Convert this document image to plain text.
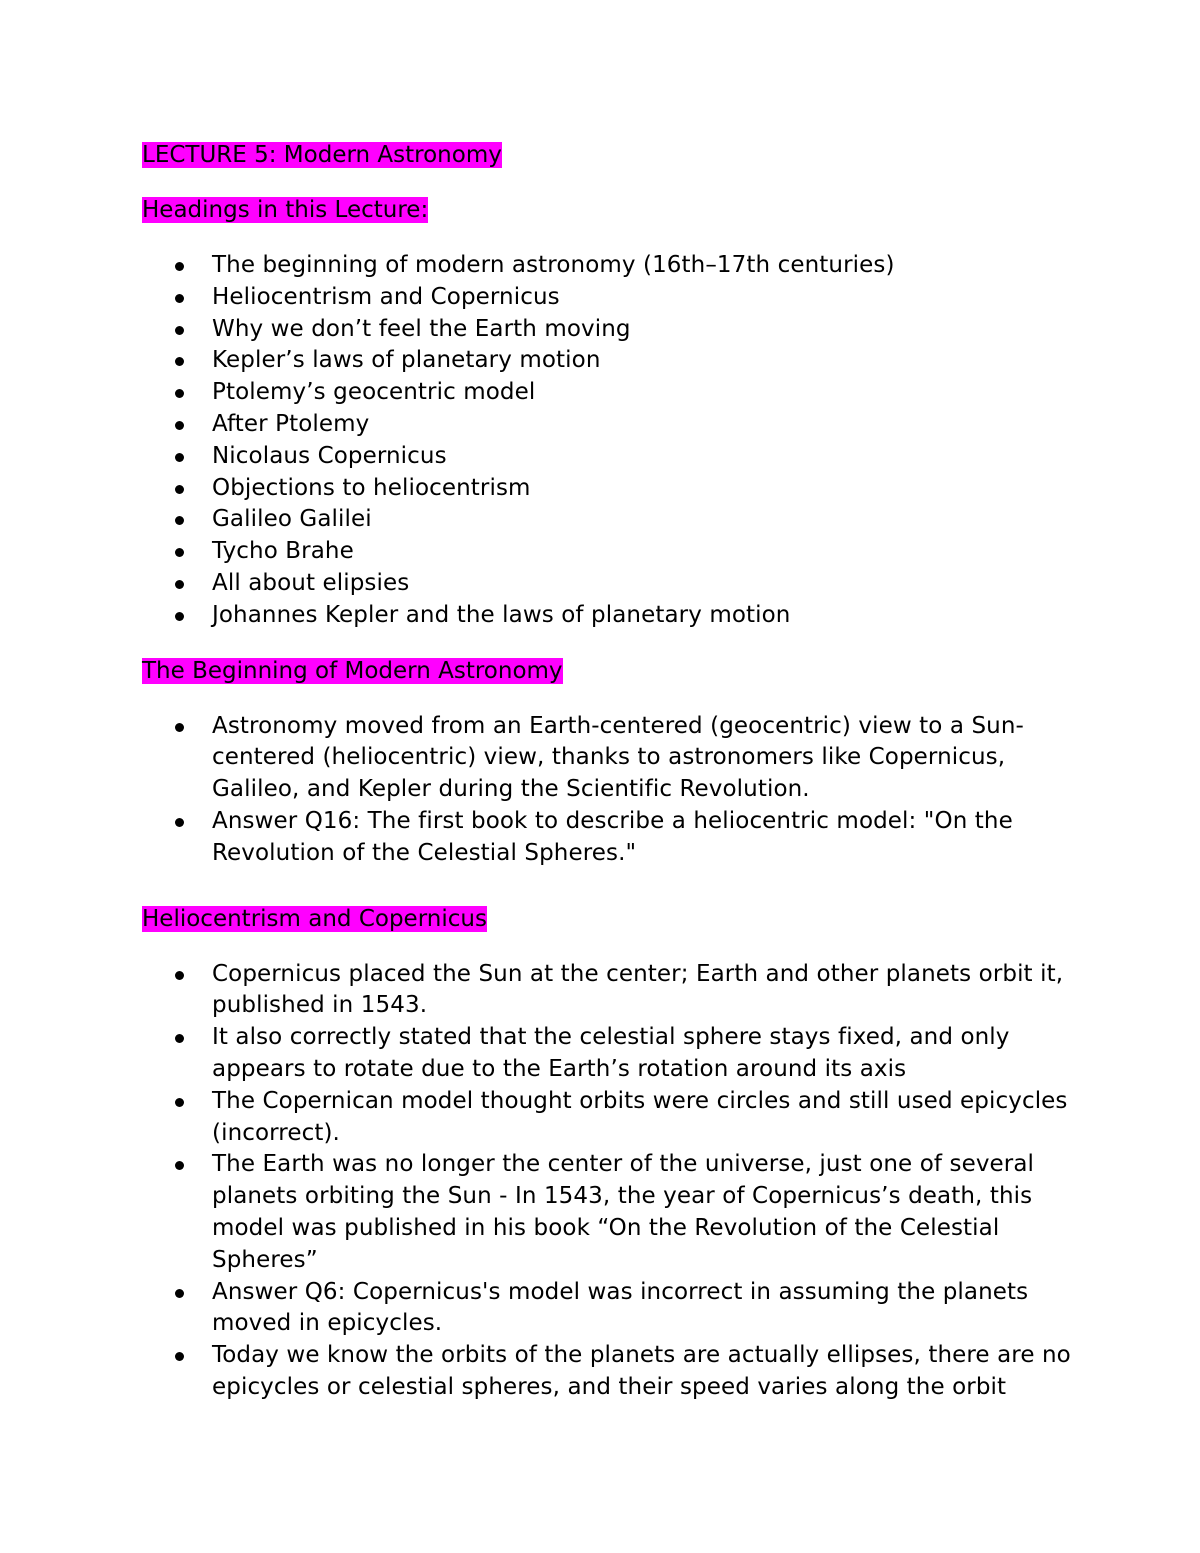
LECTURE 5: Modern Astronomy
Headings in this Lecture:
The beginning of modern astronomy (16th–17th centuries)
Heliocentrism and Copernicus
Why we don’t feel the Earth moving
Kepler’s laws of planetary motion
Ptolemy’s geocentric model
After Ptolemy
Nicolaus Copernicus
Objections to heliocentrism
Galileo Galilei
Tycho Brahe
All about elipsies
Johannes Kepler and the laws of planetary motion
The Beginning of Modern Astronomy
Astronomy moved from an Earth-centered (geocentric) view to a Sun-centered (heliocentric) view, thanks to astronomers like Copernicus, Galileo, and Kepler during the Scientific Revolution.
Answer Q16: The first book to describe a heliocentric model: "On the Revolution of the Celestial Spheres."
Heliocentrism and Copernicus
Copernicus placed the Sun at the center; Earth and other planets orbit it, published in 1543.
It also correctly stated that the celestial sphere stays fixed, and only appears to rotate due to the Earth’s rotation around its axis
The Copernican model thought orbits were circles and still used epicycles (incorrect).
The Earth was no longer the center of the universe, just one of several planets orbiting the Sun - In 1543, the year of Copernicus’s death, this model was published in his book “On the Revolution of the Celestial Spheres”
Answer Q6: Copernicus's model was incorrect in assuming the planets moved in epicycles.
Today we know the orbits of the planets are actually ellipses, there are no epicycles or celestial spheres, and their speed varies along the orbit
